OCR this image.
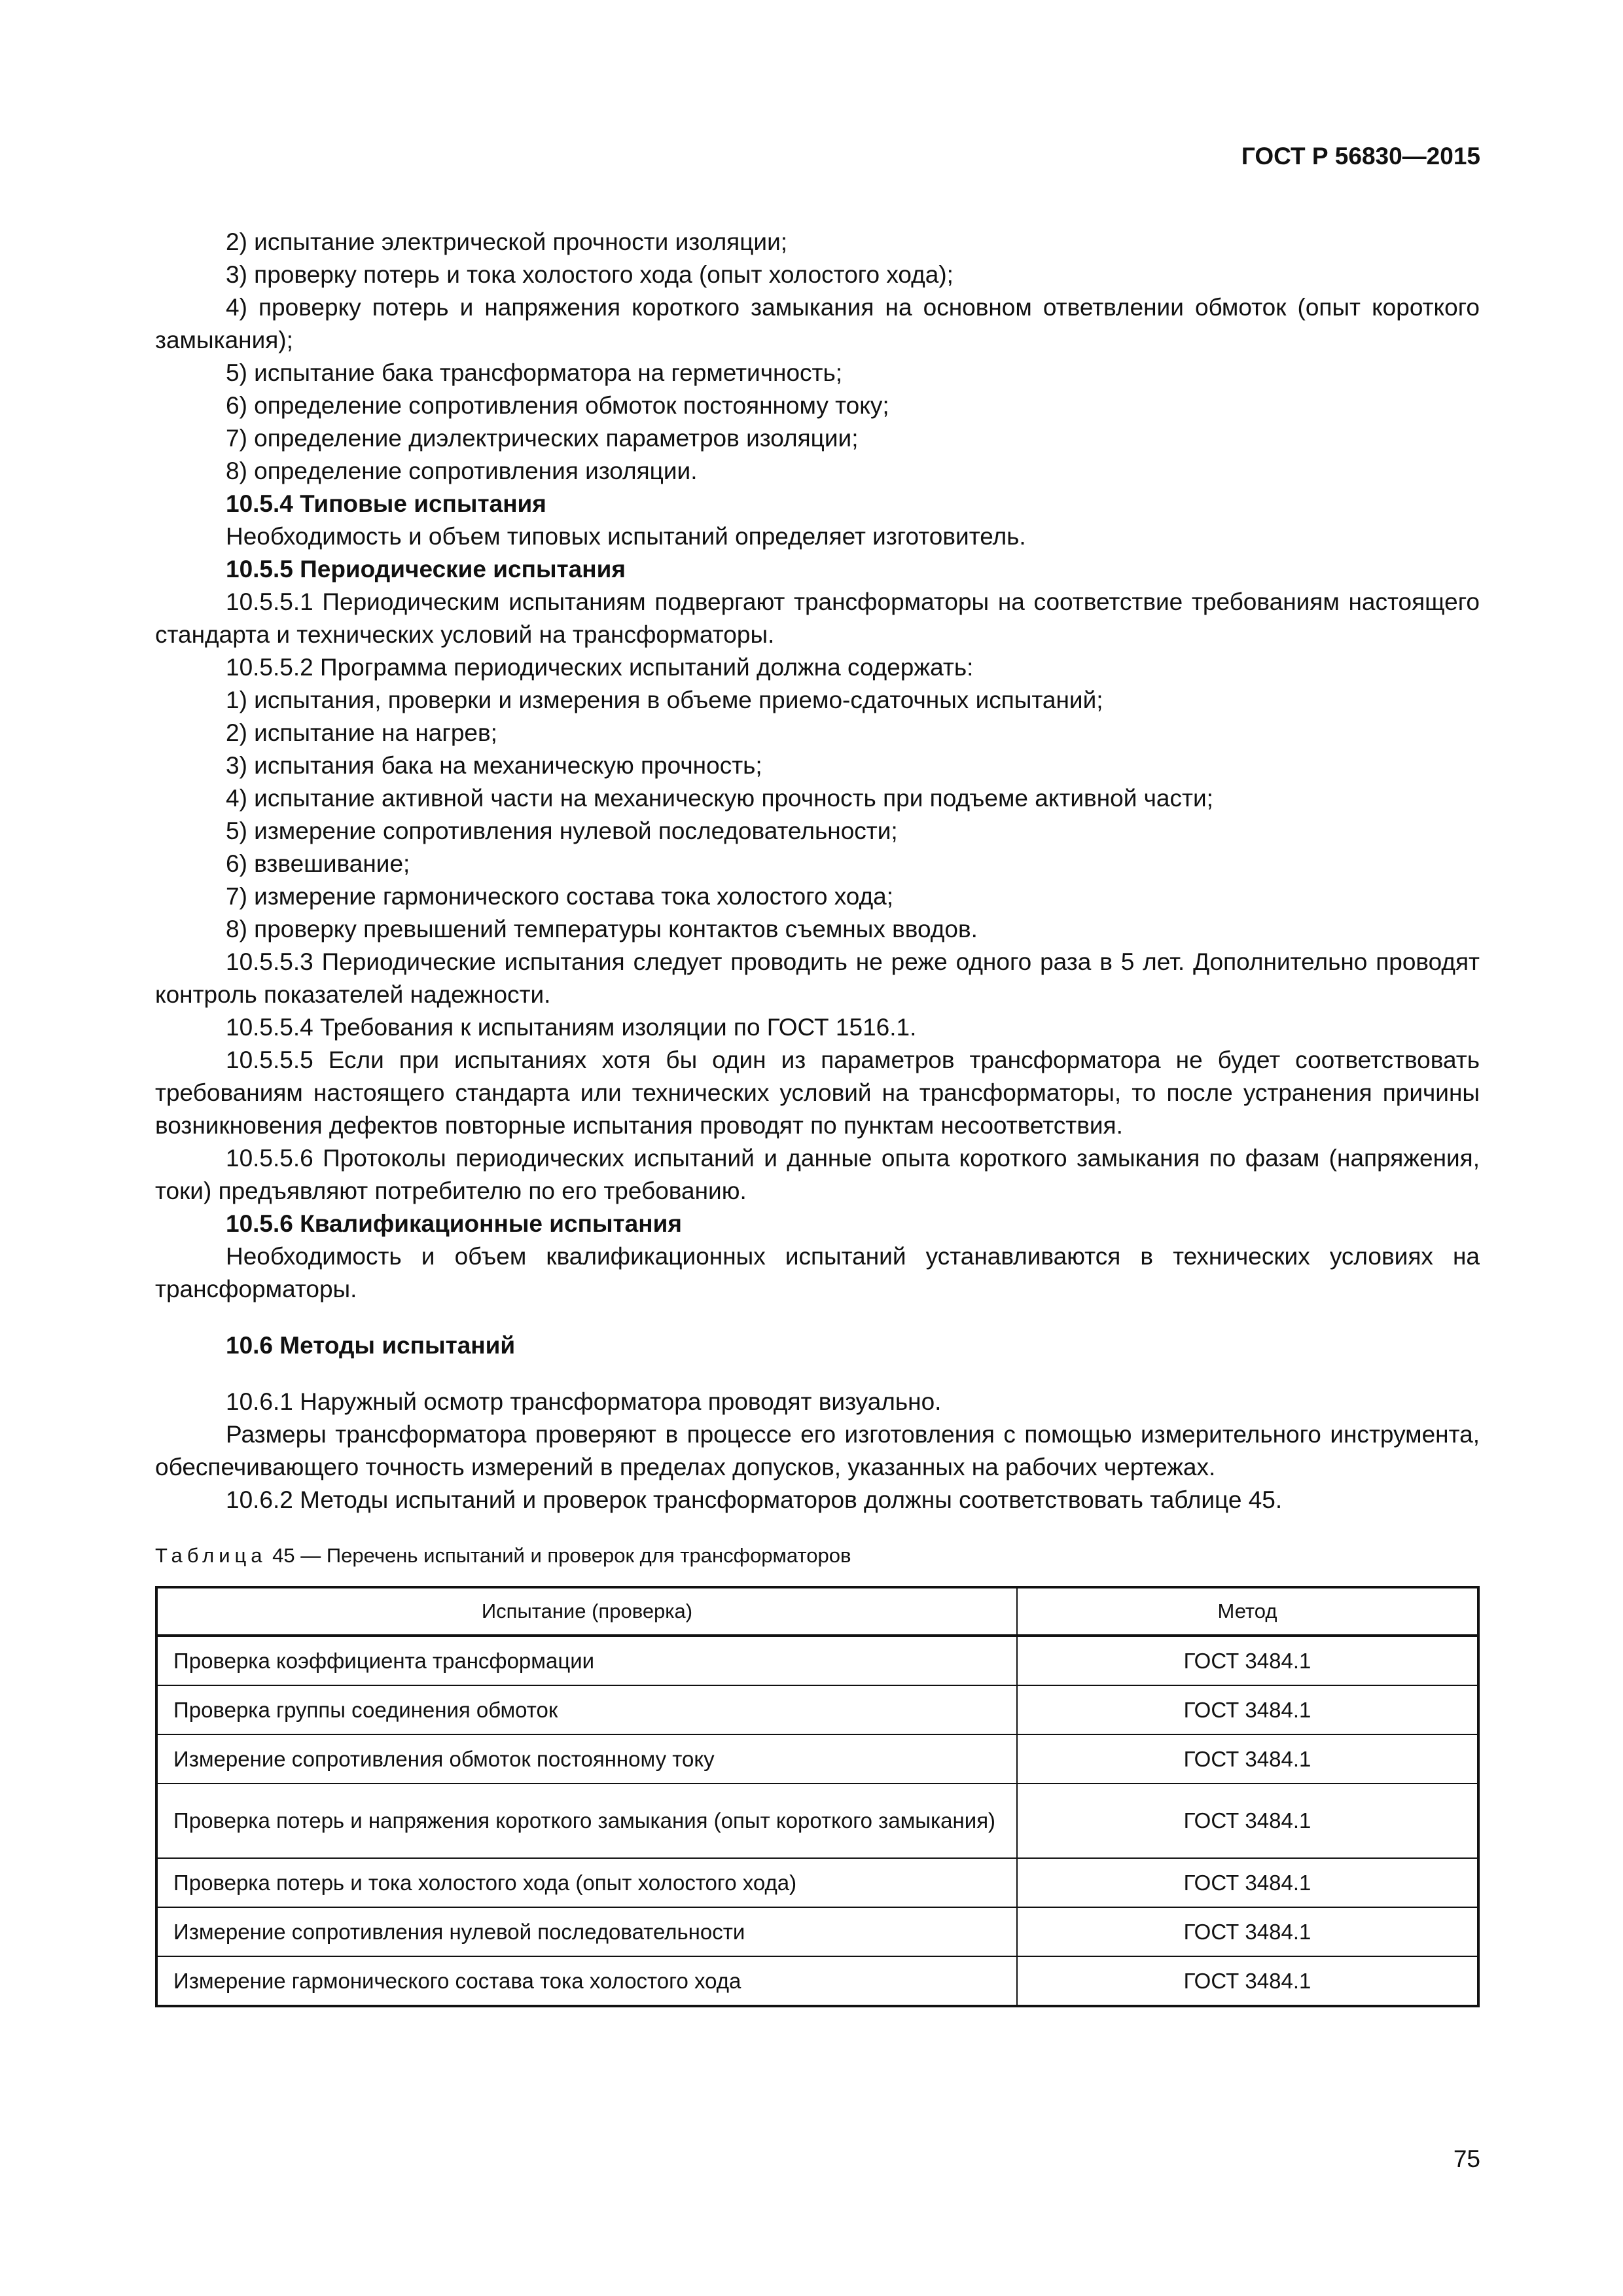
ГОСТ Р 56830—2015

2) испытание электрической прочности изоляции;

3) проверку потерь и тока холостого хода (опыт холостого хода);

4) проверку потерь и напряжения короткого замыкания на основном ответвлении обмоток (опыт короткого замыкания);

5) испытание бака трансформатора на герметичность;

6) определение сопротивления обмоток постоянному току;

7) определение диэлектрических параметров изоляции;

8) определение сопротивления изоляции.

10.5.4 Типовые испытания

Необходимость и объем типовых испытаний определяет изготовитель.

10.5.5 Периодические испытания

10.5.5.1 Периодическим испытаниям подвергают трансформаторы на соответствие требованиям настоящего стандарта и технических условий на трансформаторы.

10.5.5.2 Программа периодических испытаний должна содержать:

1) испытания, проверки и измерения в объеме приемо-сдаточных испытаний;

2) испытание на нагрев;

3) испытания бака на механическую прочность;

4) испытание активной части на механическую прочность при подъеме активной части;

5) измерение сопротивления нулевой последовательности;

6) взвешивание;

7) измерение гармонического состава тока холостого хода;

8) проверку превышений температуры контактов съемных вводов.

10.5.5.3 Периодические испытания следует проводить не реже одного раза в 5 лет. Дополнительно проводят контроль показателей надежности.

10.5.5.4 Требования к испытаниям изоляции по ГОСТ 1516.1.

10.5.5.5 Если при испытаниях хотя бы один из параметров трансформатора не будет соответствовать требованиям настоящего стандарта или технических условий на трансформаторы, то после устранения причины возникновения дефектов повторные испытания проводят по пунктам несоответствия.

10.5.5.6 Протоколы периодических испытаний и данные опыта короткого замыкания по фазам (напряжения, токи) предъявляют потребителю по его требованию.

10.5.6 Квалификационные испытания

Необходимость и объем квалификационных испытаний устанавливаются в технических условиях на трансформаторы.

10.6 Методы испытаний

10.6.1 Наружный осмотр трансформатора проводят визуально.

Размеры трансформатора проверяют в процессе его изготовления с помощью измерительного инструмента, обеспечивающего точность измерений в пределах допусков, указанных на рабочих чертежах.

10.6.2 Методы испытаний и проверок трансформаторов должны соответствовать таблице 45.

Таблица 45 — Перечень испытаний и проверок для трансформаторов
Испытание (проверка)	Метод
Проверка коэффициента трансформации	ГОСТ 3484.1
Проверка группы соединения обмоток	ГОСТ 3484.1
Измерение сопротивления обмоток постоянному току	ГОСТ 3484.1
Проверка потерь и напряжения короткого замыкания (опыт короткого замыкания)	ГОСТ 3484.1
Проверка потерь и тока холостого хода (опыт холостого хода)	ГОСТ 3484.1
Измерение сопротивления нулевой последовательности	ГОСТ 3484.1
Измерение гармонического состава тока холостого хода	ГОСТ 3484.1
75
